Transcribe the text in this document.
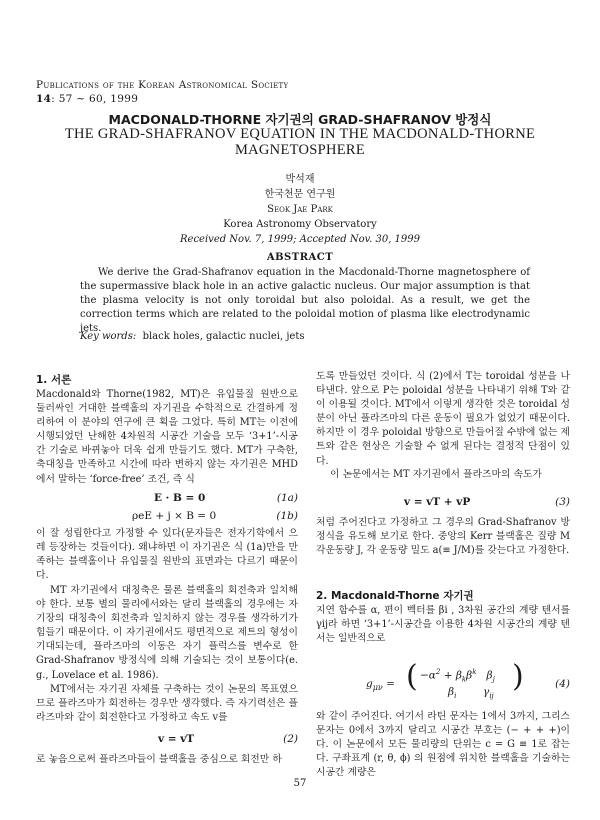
Publications of the Korean Astronomical Society
14: 57 ∼ 60, 1999
MACDONALD-THORNE 자기권의 GRAD-SHAFRANOV 방정식
THE GRAD-SHAFRANOV EQUATION IN THE MACDONALD-THORNE
MAGNETOSPHERE
박석재
한국천문 연구원
Seok Jae Park
Korea Astronomy Observatory
Received Nov. 7, 1999; Accepted Nov. 30, 1999
ABSTRACT

We derive the Grad-Shafranov equation in the Macdonald-Thorne magnetosphere of the supermassive black hole in an active galactic nucleus. Our major assumption is that the plasma velocity is not only toroidal but also poloidal. As a result, we get the correction terms which are related to the poloidal motion of plasma like electrodynamic jets.

Key words: black holes, galactic nuclei, jets

1. 서론

Macdonald와 Thorne(1982, MT)은 유입물질 원반으로 둘러싸인 거대한 블랙홀의 자기권을 수학적으로 간결하게 정리하여 이 분야의 연구에 큰 획을 그었다. 특히 MT는 이전에 시행되었던 난해한 4차원적 시공간 기술을 모두 ‘3+1’-시공간 기술로 바뀌놓아 더욱 쉽게 만들기도 했다. MT가 구축한, 축대칭을 만족하고 시간에 따라 변하지 않는 자기권은 MHD에서 말하는 ‘force-free’ 조건, 즉 식

E · B = 0	(1a)
ρeE + j × B = 0	(1b)

이 잘 성립한다고 가정할 수 있다(문자들은 전자기학에서 으레 등장하는 것들이다). 왜냐하면 이 자기권은 식 (1a)만을 만족하는 블랙홀이나 유입물질 원반의 표면과는 다르기 때문이다.

MT 자기권에서 대칭축은 물론 블랙홀의 회전축과 일치해야 한다. 보통 별의 물리에서와는 달리 블랙홀의 경우에는 자기장의 대칭축이 회전축과 일치하지 않는 경우를 생각하기가 힘들기 때문이다. 이 자기권에서도 평면적으로 제트의 형성이 기대되는데, 플라즈마의 이동은 자기 플럭스를 변수로 한 Grad-Shafranov 방정식에 의해 기술되는 것이 보통이다(e. g., Lovelace et al. 1986).

MT에서는 자기권 자체를 구축하는 것이 논문의 목표였으므로 플라즈마가 회전하는 경우만 생각했다. 즉 자기력선은 플라즈마와 같이 회전한다고 가정하고 속도 v를

v = vT	(2)

로 놓음으로써 플라즈마들이 블랙홀을 중심으로 회전만 하

도록 만들었던 것이다. 식 (2)에서 T는 toroidal 성분을 나타낸다. 앞으로 P는 poloidal 성분을 나타내기 위해 T와 같이 이용될 것이다. MT에서 이렇게 생각한 것은 toroidal 성분이 아닌 플라즈마의 다른 운동이 필요가 없었기 때문이다. 하지만 이 경우 poloidal 방향으로 만들어질 수밖에 없는 제트와 같은 현상은 기술할 수 없게 된다는 결정적 단점이 있다.

이 논문에서는 MT 자기권에서 플라즈마의 속도가

v = vT + vP	(3)

처럼 주어진다고 가정하고 그 경우의 Grad-Shafranov 방정식을 유도해 보기로 한다. 중앙의 Kerr 블랙홀은 질량 M 각운동량 J, 각 운동량 밀도 a(≡ J/M)를 갖는다고 가정한다.

2. Macdonald-Thorne 자기권

지연 함수를 α, 편이 벡터를 βi , 3차원 공간의 계량 텐서를 γij라 하면 ‘3+1’-시공간을 이용한 4차원 시공간의 계량 텐서는 일반적으로

$g_{\mu\nu}$ = ( $-\alpha^2 + \beta_k\beta^k$   $\beta_j$
$\beta_i$        $\gamma_{ij}$
)	(4)

와 같이 주어진다. 여기서 라틴 문자는 1에서 3까지, 그리스 문자는 0에서 3까지 달리고 시공간 부호는 (− + + +)이다. 이 논문에서 모든 물리량의 단위는 c = G ≡ 1로 잡는다. 구좌표계 (r, θ, ϕ) 의 원점에 위치한 블랙홀을 기술하는 시공간 계량은

57
